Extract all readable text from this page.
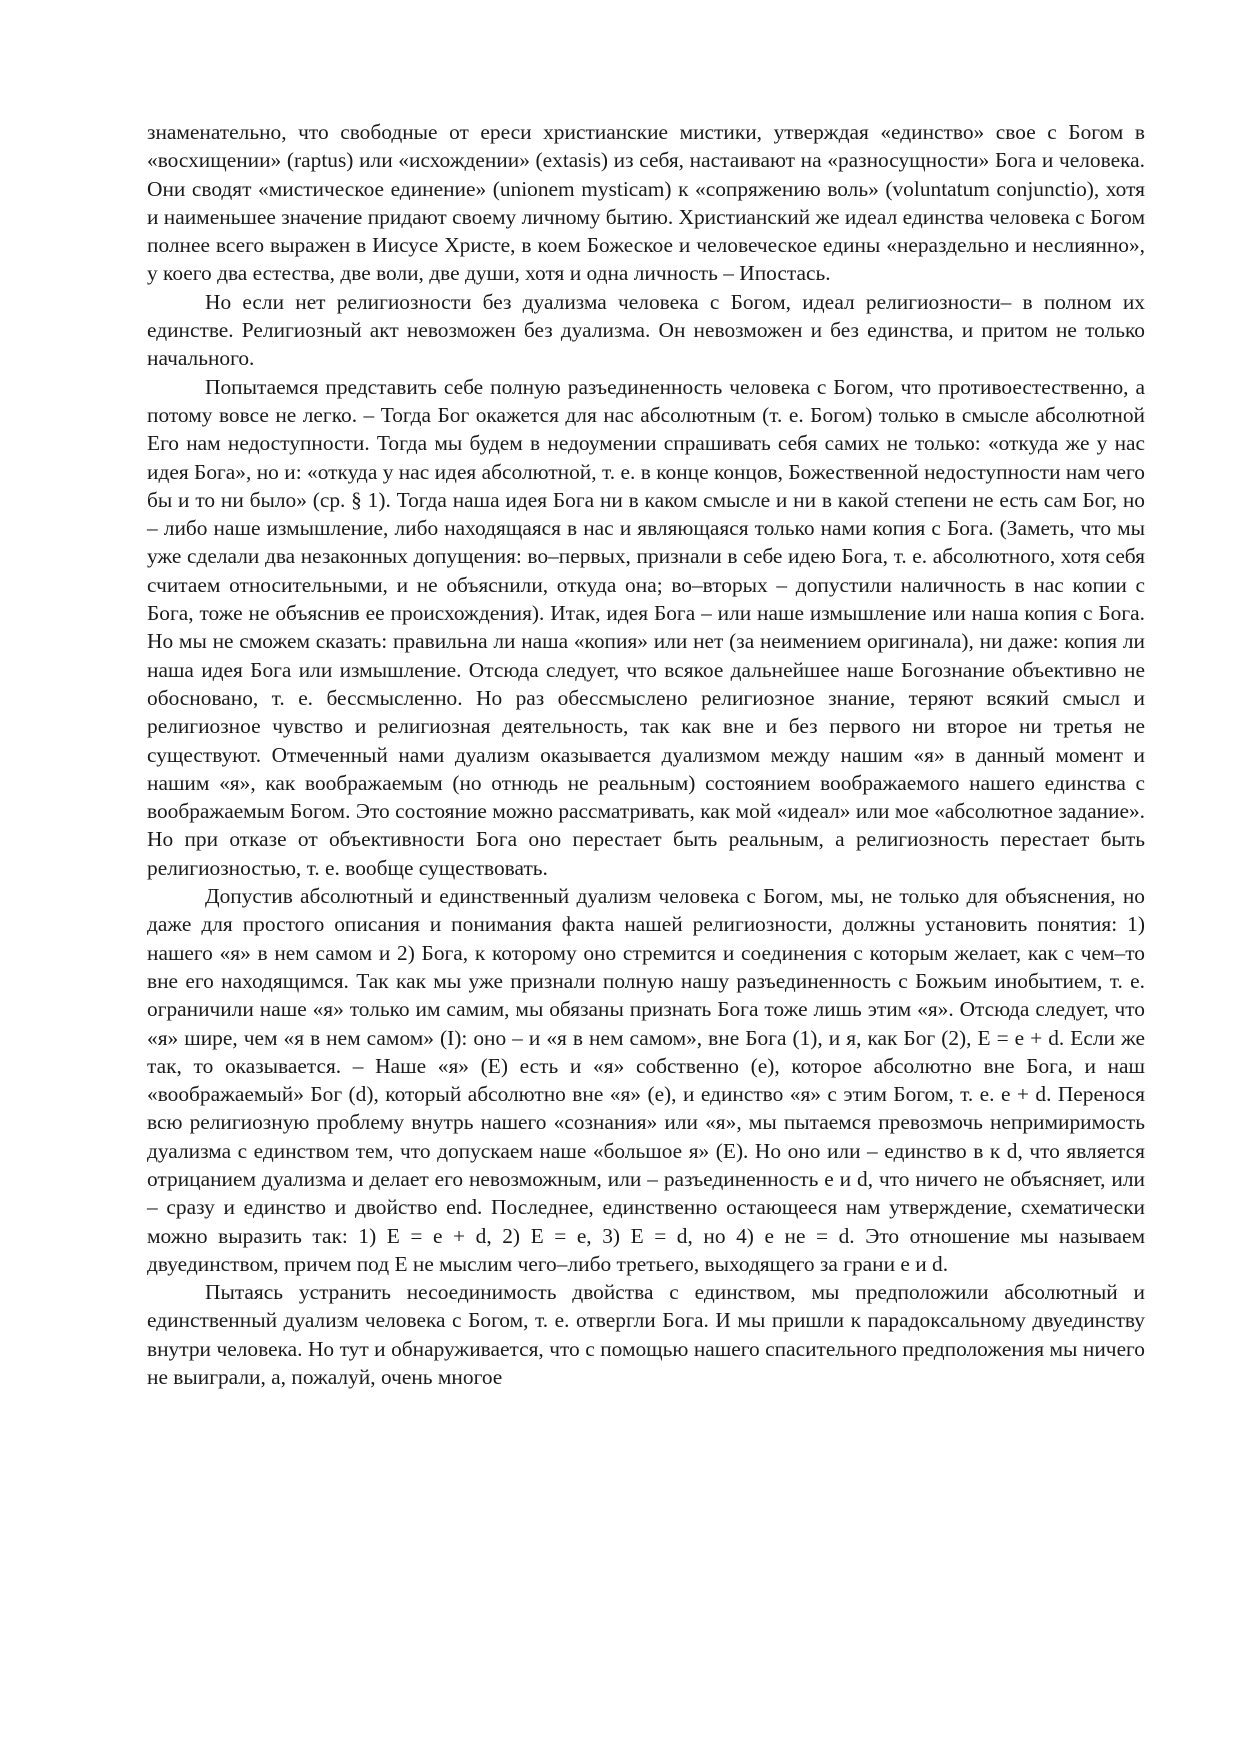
знаменательно, что свободные от ереси христианские мистики, утверждая «единство» свое с Богом в «восхищении» (raptus) или «исхождении» (extasis) из себя, настаивают на «разносущности» Бога и человека. Они сводят «мистическое единение» (unionem mysticam) к «сопряжению воль» (voluntatum conjunctio), хотя и наименьшее значение придают своему личному бытию. Христианский же идеал единства человека с Богом полнее всего выражен в Иисусе Христе, в коем Божеское и человеческое едины «нераздельно и неслиянно», у коего два естества, две воли, две души, хотя и одна личность – Ипостась.

Но если нет религиозности без дуализма человека с Богом, идеал религиозности– в полном их единстве. Религиозный акт невозможен без дуализма. Он невозможен и без единства, и притом не только начального.

Попытаемся представить себе полную разъединенность человека с Богом, что противоестественно, а потому вовсе не легко. – Тогда Бог окажется для нас абсолютным (т. е. Богом) только в смысле абсолютной Его нам недоступности. Тогда мы будем в недоумении спрашивать себя самих не только: «откуда же у нас идея Бога», но и: «откуда у нас идея абсолютной, т. е. в конце концов, Божественной недоступности нам чего бы и то ни было» (ср. § 1). Тогда наша идея Бога ни в каком смысле и ни в какой степени не есть сам Бог, но – либо наше измышление, либо находящаяся в нас и являющаяся только нами копия с Бога. (Заметь, что мы уже сделали два незаконных допущения: во–первых, признали в себе идею Бога, т. е. абсолютного, хотя себя считаем относительными, и не объяснили, откуда она; во–вторых – допустили наличность в нас копии с Бога, тоже не объяснив ее происхождения). Итак, идея Бога – или наше измышление или наша копия с Бога. Но мы не сможем сказать: правильна ли наша «копия» или нет (за неимением оригинала), ни даже: копия ли наша идея Бога или измышление. Отсюда следует, что всякое дальнейшее наше Богознание объективно не обосновано, т. е. бессмысленно. Но раз обессмыслено религиозное знание, теряют всякий смысл и религиозное чувство и религиозная деятельность, так как вне и без первого ни второе ни третья не существуют. Отмеченный нами дуализм оказывается дуализмом между нашим «я» в данный момент и нашим «я», как воображаемым (но отнюдь не реальным) состоянием воображаемого нашего единства с воображаемым Богом. Это состояние можно рассматривать, как мой «идеал» или мое «абсолютное задание». Но при отказе от объективности Бога оно перестает быть реальным, а религиозность перестает быть религиозностью, т. е. вообще существовать.

Допустив абсолютный и единственный дуализм человека с Богом, мы, не только для объяснения, но даже для простого описания и понимания факта нашей религиозности, должны установить понятия: 1) нашего «я» в нем самом и 2) Бога, к которому оно стремится и соединения с которым желает, как с чем–то вне его находящимся. Так как мы уже признали полную нашу разъединенность с Божьим инобытием, т. е. ограничили наше «я» только им самим, мы обязаны признать Бога тоже лишь этим «я». Отсюда следует, что «я» шире, чем «я в нем самом» (I): оно – и «я в нем самом», вне Бога (1), и я, как Бог (2), E = e + d. Если же так, то оказывается. – Наше «я» (E) есть и «я» собственно (e), которое абсолютно вне Бога, и наш «воображаемый» Бог (d), который абсолютно вне «я» (e), и единство «я» с этим Богом, т. е. e + d. Перенося всю религиозную проблему внутрь нашего «сознания» или «я», мы пытаемся превозмочь непримиримость дуализма с единством тем, что допускаем наше «большое я» (E). Но оно или – единство в к d, что является отрицанием дуализма и делает его невозможным, или – разъединенность e и d, что ничего не объясняет, или – сразу и единство и двойство end. Последнее, единственно остающееся нам утверждение, схематически можно выразить так: 1) E = e + d, 2) E = e, 3) E = d, но 4) e не = d. Это отношение мы называем двуединством, причем под E не мыслим чего–либо третьего, выходящего за грани e и d.

Пытаясь устранить несоединимость двойства с единством, мы предположили абсолютный и единственный дуализм человека с Богом, т. е. отвергли Бога. И мы пришли к парадоксальному двуединству внутри человека. Но тут и обнаруживается, что с помощью нашего спасительного предположения мы ничего не выиграли, а, пожалуй, очень многое
